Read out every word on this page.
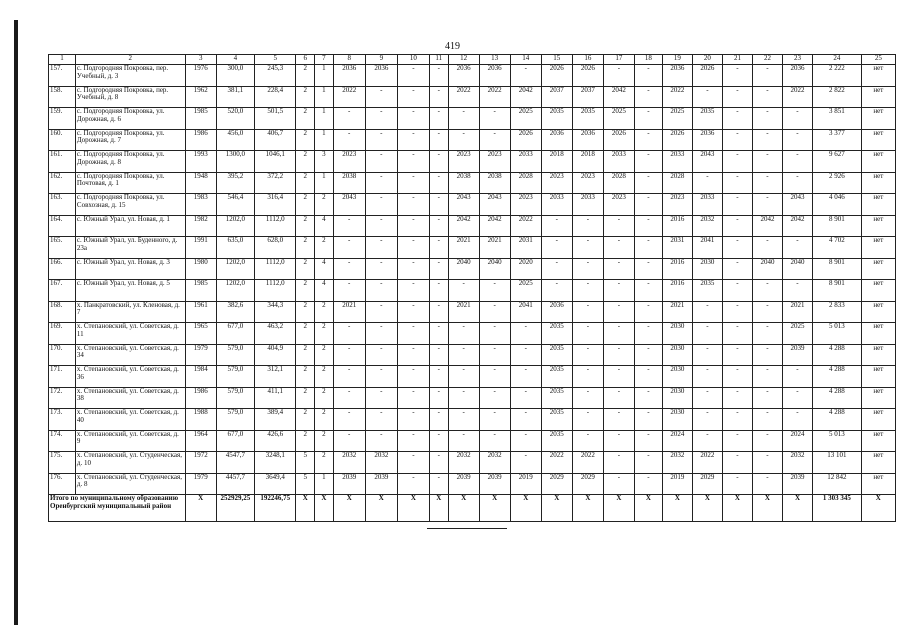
419
1	2	3	4	5	6	7	8	9	10	11	12	13	14	15	16	17	18	19	20	21	22	23	24	25
157.	с. Подгородняя Покровка, пер. Учебный, д. 3	1976	300,0	245,3	2	1	2036	2036	-	-	2036	2036	-	2026	2026	-	-	2036	2026	-	-	2036	2 222	нет
158.	с. Подгородняя Покровка, пер. Учебный, д. 8	1962	381,1	228,4	2	1	2022	-	-	-	2022	2022	2042	2037	2037	2042	-	2022	-	-	-	2022	2 822	нет
159.	с. Подгородняя Покровка, ул. Дорожная, д. 6	1985	520,0	501,5	2	1	-	-	-	-	-	-	2025	2035	2035	2025	-	2025	2035	-	-	-	3 851	нет
160.	с. Подгородняя Покровка, ул. Дорожная, д. 7	1986	456,0	406,7	2	1	-	-	-	-	-	-	2026	2036	2036	2026	-	2026	2036	-	-	-	3 377	нет
161.	с. Подгородняя Покровка, ул. Дорожная, д. 8	1993	1300,0	1046,1	2	3	2023	-	-	-	2023	2023	2033	2018	2018	2033	-	2033	2043	-	-	-	9 627	нет
162.	с. Подгородняя Покровка, ул. Почтовая, д. 1	1948	395,2	372,2	2	1	2038	-	-	-	2038	2038	2028	2023	2023	2028	-	2028	-	-	-	-	2 926	нет
163.	с. Подгородняя Покровка, ул. Совхозная, д. 15	1983	546,4	316,4	2	2	2043	-	-	-	2043	2043	2023	2033	2033	2023	-	2023	2033	-	-	2043	4 046	нет
164.	с. Южный Урал, ул. Новая, д. 1	1982	1202,0	1112,0	2	4	-	-	-	-	2042	2042	2022	-	-	-	-	2016	2032	-	2042	2042	8 901	нет
165.	с. Южный Урал, ул. Буденного, д. 23а	1991	635,0	628,0	2	2	-	-	-	-	2021	2021	2031	-	-	-	-	2031	2041	-	-	-	4 702	нет
166.	с. Южный Урал, ул. Новая, д. 3	1980	1202,0	1112,0	2	4	-	-	-	-	2040	2040	2020	-	-	-	-	2016	2030	-	2040	2040	8 901	нет
167.	с. Южный Урал, ул. Новая, д. 5	1985	1202,0	1112,0	2	4	-	-	-	-	-	-	2025	-	-	-	-	2016	2035	-	-	-	8 901	нет
168.	х. Панкратовский, ул. Кленовая, д. 7	1961	382,6	344,3	2	2	2021	-	-	-	2021	-	2041	2036	-	-	-	2021	-	-	-	2021	2 833	нет
169.	х. Степановский, ул. Советская, д. 11	1965	677,0	463,2	2	2	-	-	-	-	-	-	-	2035	-	-	-	2030	-	-	-	2025	5 013	нет
170.	х. Степановский, ул. Советская, д. 34	1979	579,0	404,9	2	2	-	-	-	-	-	-	-	2035	-	-	-	2030	-	-	-	2039	4 288	нет
171.	х. Степановский, ул. Советская, д. 36	1984	579,0	312,1	2	2	-	-	-	-	-	-	-	2035	-	-	-	2030	-	-	-	-	4 288	нет
172.	х. Степановский, ул. Советская, д. 38	1986	579,0	411,1	2	2	-	-	-	-	-	-	-	2035	-	-	-	2030	-	-	-	-	4 288	нет
173.	х. Степановский, ул. Советская, д. 40	1988	579,0	389,4	2	2	-	-	-	-	-	-	-	2035	-	-	-	2030	-	-	-	-	4 288	нет
174.	х. Степановский, ул. Советская, д. 9	1964	677,0	426,6	2	2	-	-	-	-	-	-	-	2035	-	-	-	2024	-	-	-	2024	5 013	нет
175.	х. Степановский, ул. Студенческая, д. 10	1972	4547,7	3248,1	5	2	2032	2032	-	-	2032	2032	-	2022	2022	-	-	2032	2022	-	-	2032	13 101	нет
176.	х. Степановский, ул. Студенческая, д. 8	1979	4457,7	3649,4	5	1	2039	2039	-	-	2039	2039	2019	2029	2029	-	-	2019	2029	-	-	2039	12 842	нет
Итого по муниципальному образованию Оренбургский муниципальный район		X	252929,25	192246,75	X	X	X	X	X	X	X	X	X	X	X	X	X	X	X	X	X	X	1 303 345	X
